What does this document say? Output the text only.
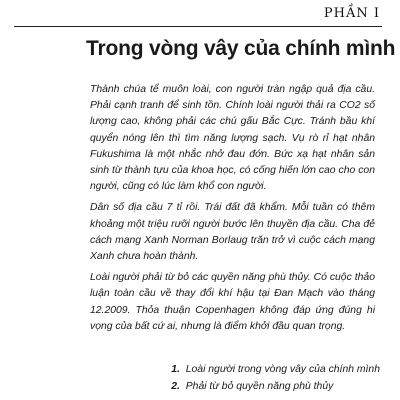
PHẦN I
Trong vòng vây của chính mình

Thành chúa tể muôn loài, con người tràn ngập quả địa cầu. Phải cạnh tranh để sinh tồn. Chính loài người thải ra CO2 số lượng cao, không phải các chú gấu Bắc Cực. Tránh bầu khí quyển nóng lên thì tìm năng lượng sạch. Vụ rò rỉ hạt nhân Fukushima là một nhắc nhở đau đớn. Bức xạ hạt nhân sản sinh từ thành tựu của khoa học, có cống hiến lớn cao cho con người, cũng có lúc làm khổ con người.

Dân số địa cầu 7 tỉ rồi. Trái đất đã khẩm. Mỗi tuần có thêm khoảng một triệu rưỡi người bước lên thuyền địa cầu. Cha đẻ cách mạng Xanh Norman Borlaug trăn trở vì cuộc cách mạng Xanh chưa hoàn thành.

Loài người phải từ bỏ các quyền năng phù thủy. Có cuộc thảo luận toàn cầu về thay đổi khí hậu tại Đan Mạch vào tháng 12.2009. Thỏa thuận Copenhagen không đáp ứng đúng hi vọng của bất cứ ai, nhưng là điểm khởi đầu quan trọng.

1. Loài người trong vòng vây của chính mình
2. Phải từ bỏ quyền năng phù thủy
